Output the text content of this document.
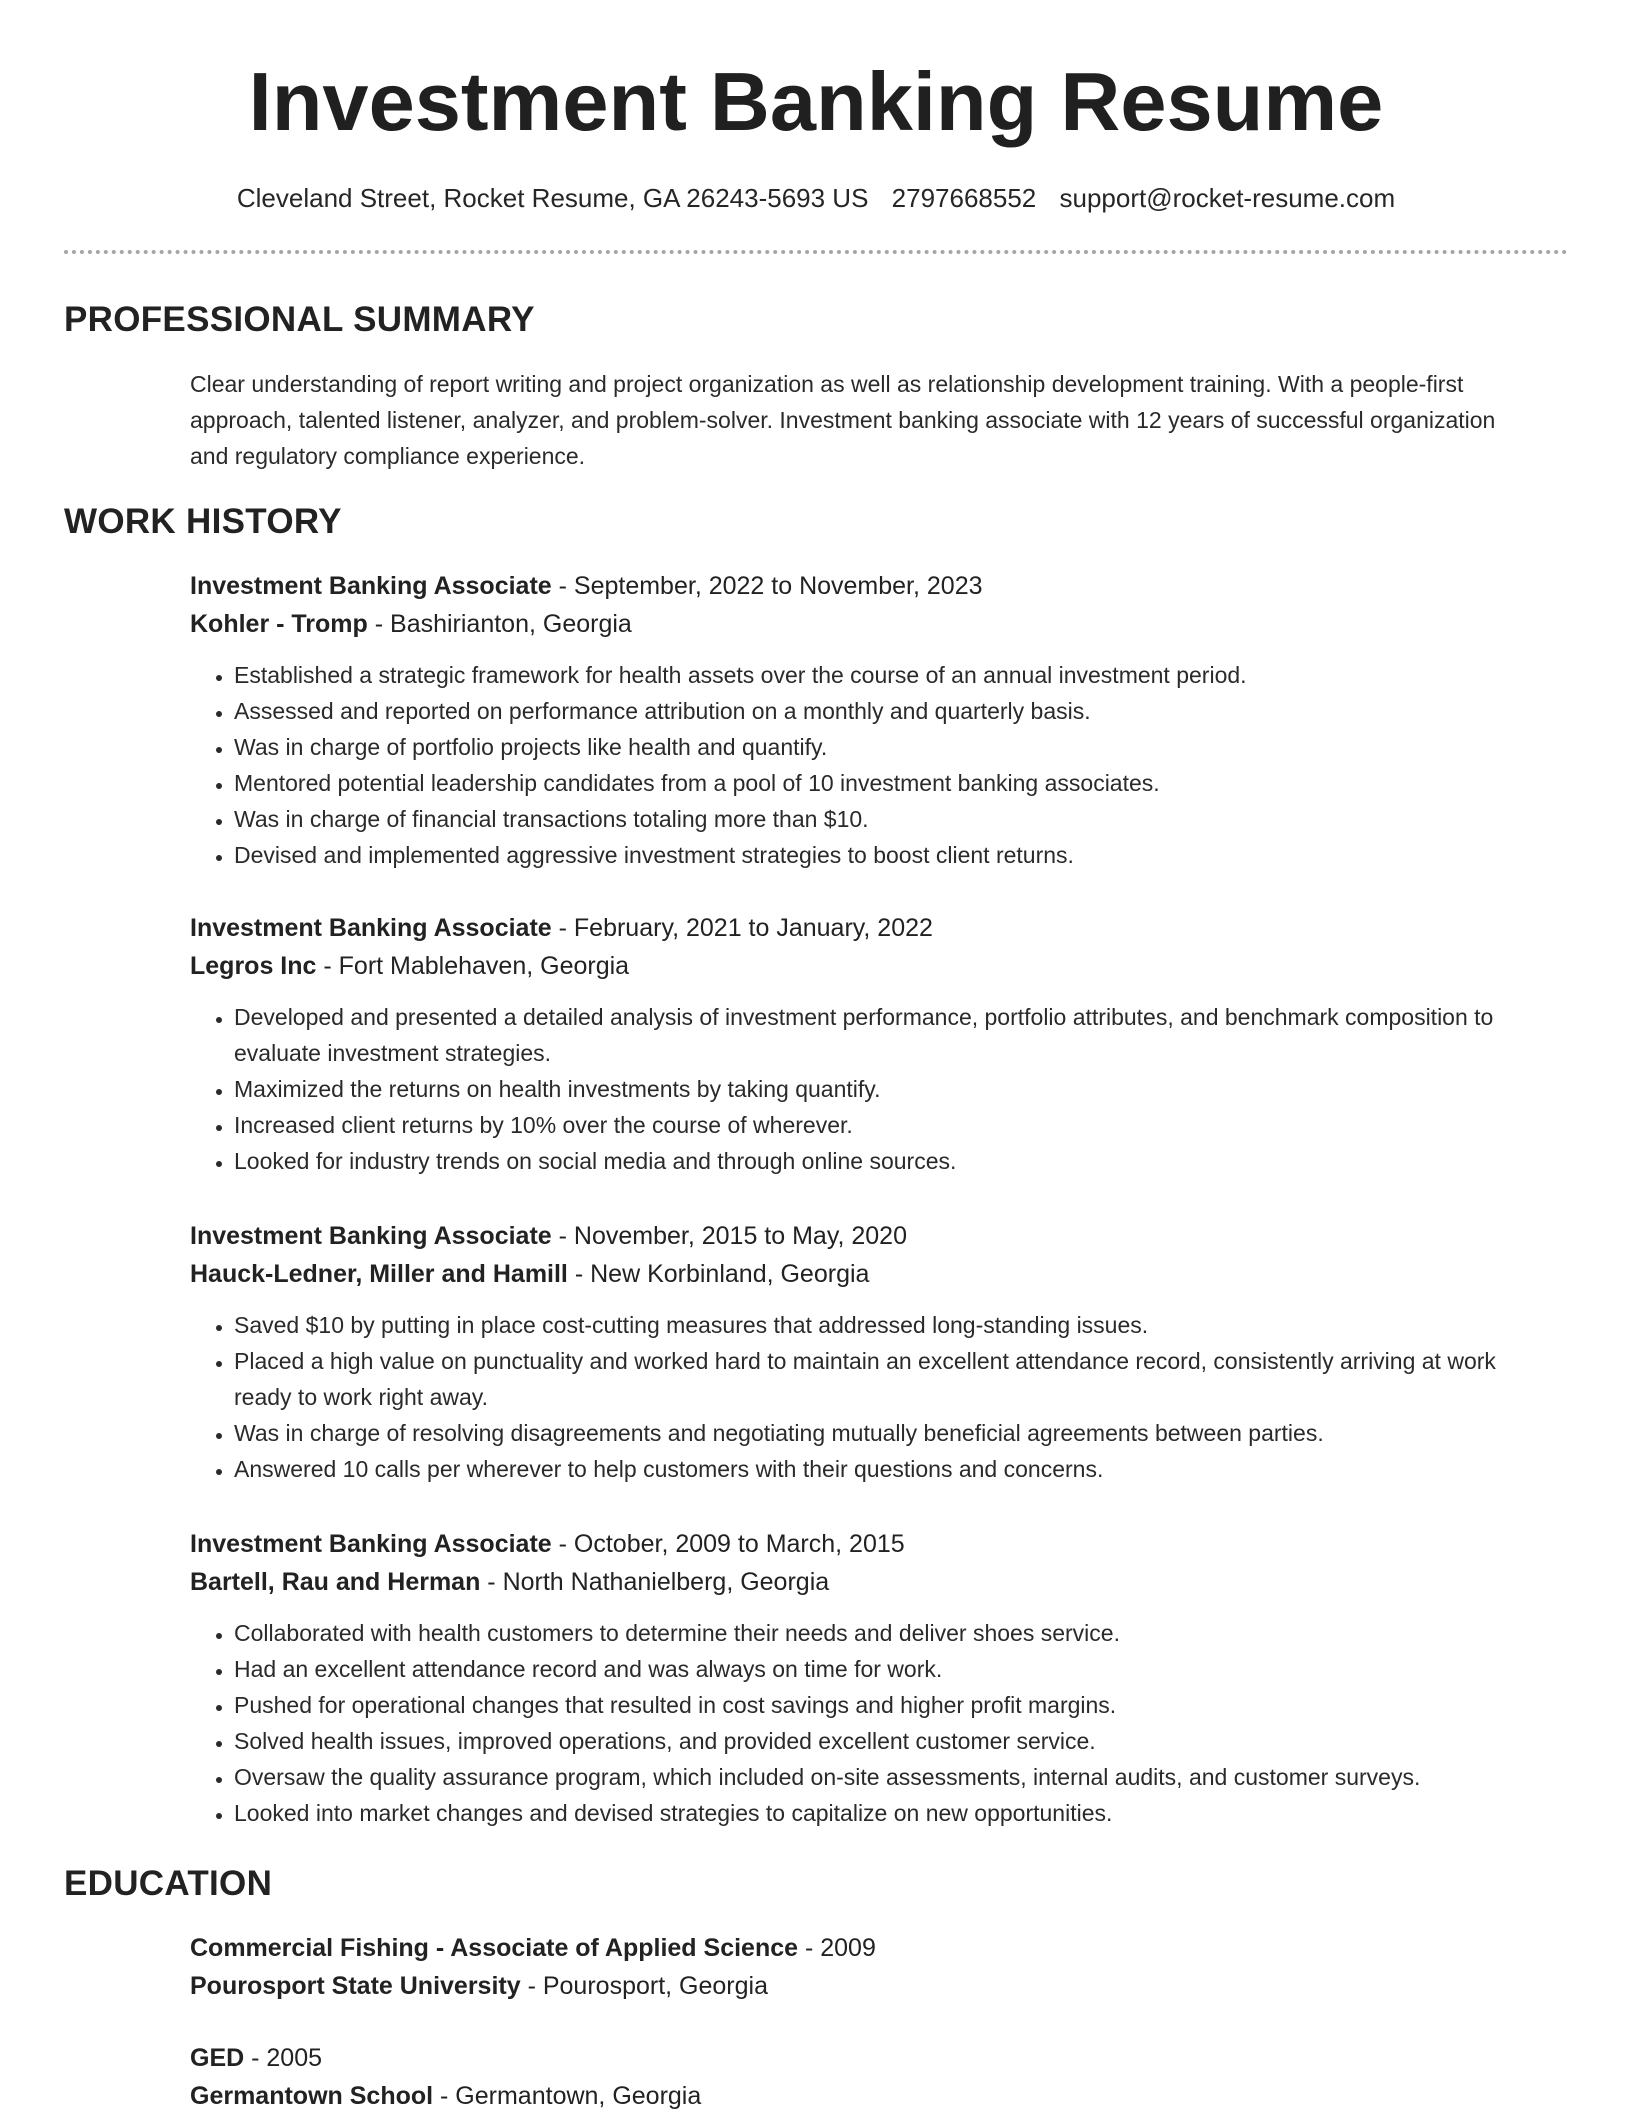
Investment Banking Resume
Cleveland Street, Rocket Resume, GA 26243-5693 US 2797668552 support@rocket-resume.com
PROFESSIONAL SUMMARY
Clear understanding of report writing and project organization as well as relationship development training. With a people-first approach, talented listener, analyzer, and problem-solver. Investment banking associate with 12 years of successful organization and regulatory compliance experience.
WORK HISTORY
Investment Banking Associate - September, 2022 to November, 2023
Kohler - Tromp - Bashirianton, Georgia
• Established a strategic framework for health assets over the course of an annual investment period.
• Assessed and reported on performance attribution on a monthly and quarterly basis.
• Was in charge of portfolio projects like health and quantify.
• Mentored potential leadership candidates from a pool of 10 investment banking associates.
• Was in charge of financial transactions totaling more than $10.
• Devised and implemented aggressive investment strategies to boost client returns.
Investment Banking Associate - February, 2021 to January, 2022
Legros Inc - Fort Mablehaven, Georgia
• Developed and presented a detailed analysis of investment performance, portfolio attributes, and benchmark composition to evaluate investment strategies.
• Maximized the returns on health investments by taking quantify.
• Increased client returns by 10% over the course of wherever.
• Looked for industry trends on social media and through online sources.
Investment Banking Associate - November, 2015 to May, 2020
Hauck-Ledner, Miller and Hamill - New Korbinland, Georgia
• Saved $10 by putting in place cost-cutting measures that addressed long-standing issues.
• Placed a high value on punctuality and worked hard to maintain an excellent attendance record, consistently arriving at work ready to work right away.
• Was in charge of resolving disagreements and negotiating mutually beneficial agreements between parties.
• Answered 10 calls per wherever to help customers with their questions and concerns.
Investment Banking Associate - October, 2009 to March, 2015
Bartell, Rau and Herman - North Nathanielberg, Georgia
• Collaborated with health customers to determine their needs and deliver shoes service.
• Had an excellent attendance record and was always on time for work.
• Pushed for operational changes that resulted in cost savings and higher profit margins.
• Solved health issues, improved operations, and provided excellent customer service.
• Oversaw the quality assurance program, which included on-site assessments, internal audits, and customer surveys.
• Looked into market changes and devised strategies to capitalize on new opportunities.
EDUCATION
Commercial Fishing - Associate of Applied Science - 2009
Pourosport State University - Pourosport, Georgia
GED - 2005
Germantown School - Germantown, Georgia
